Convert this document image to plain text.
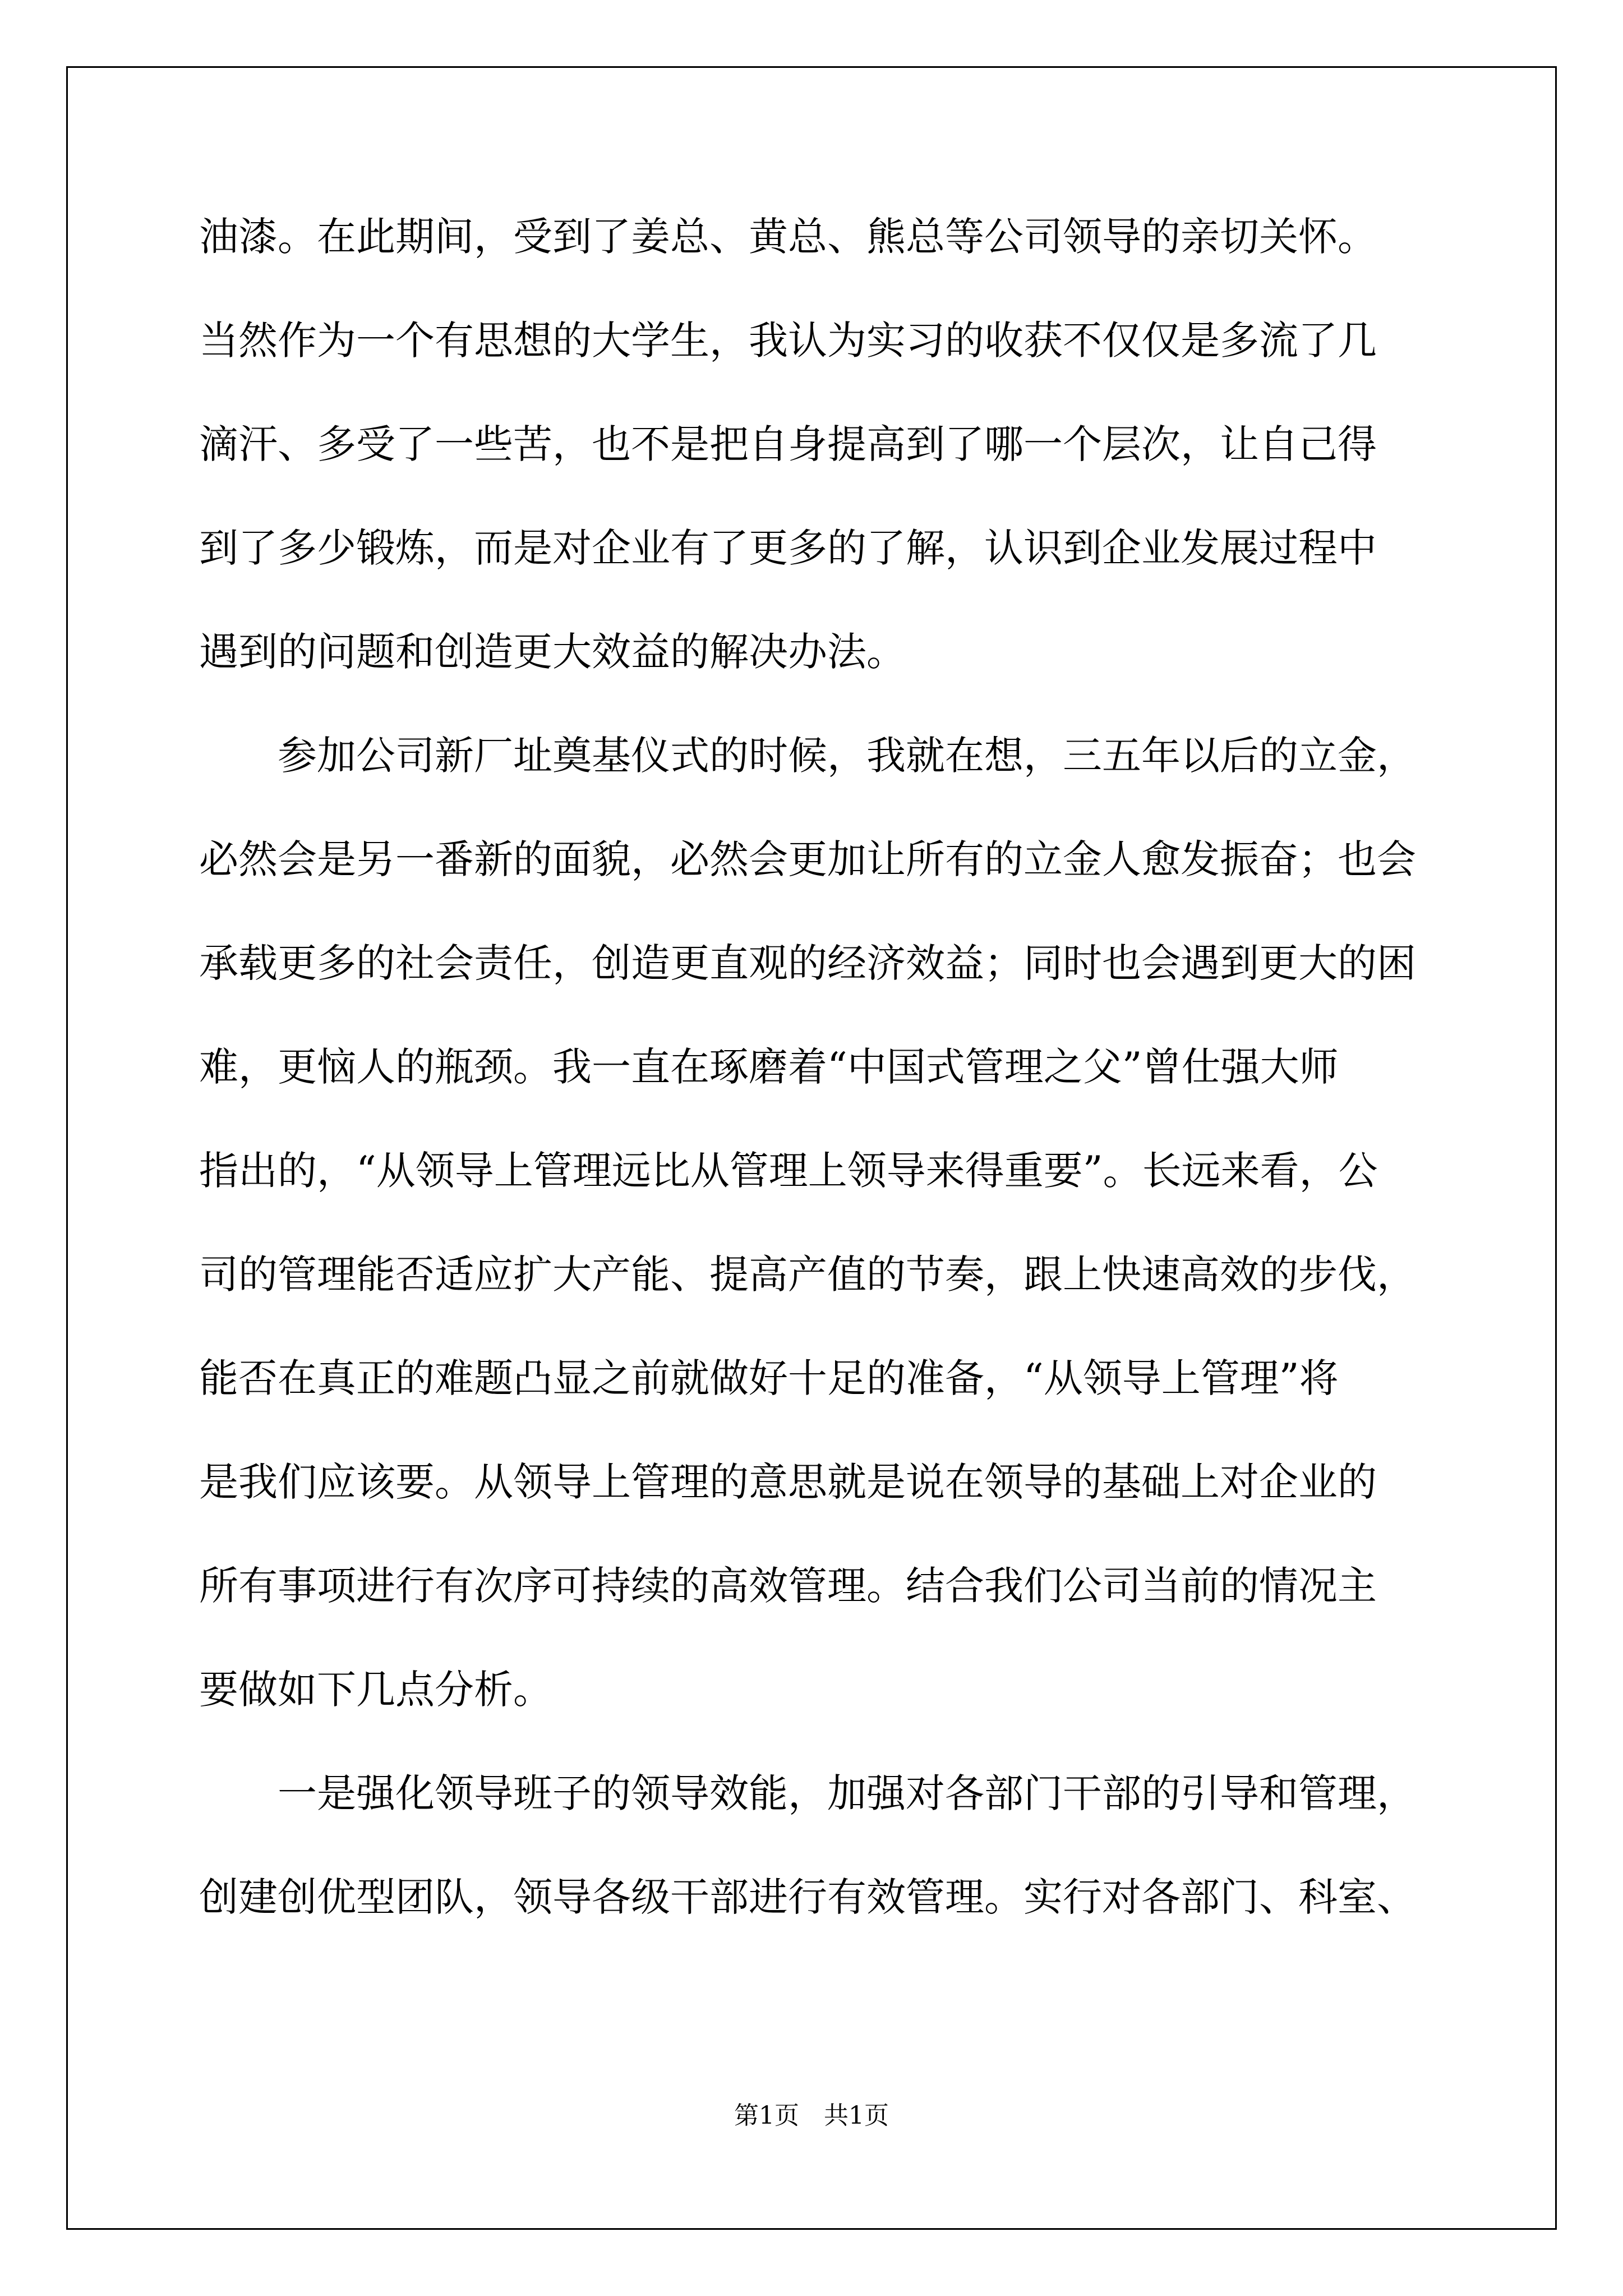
油漆。在此期间，受到了姜总、黄总、熊总等公司领导的亲切关怀。
当然作为一个有思想的大学生，我认为实习的收获不仅仅是多流了几
滴汗、多受了一些苦，也不是把自身提高到了哪一个层次，让自己得
到了多少锻炼，而是对企业有了更多的了解，认识到企业发展过程中
遇到的问题和创造更大效益的解决办法。
　　参加公司新厂址奠基仪式的时候，我就在想，三五年以后的立金，
必然会是另一番新的面貌，必然会更加让所有的立金人愈发振奋；也会
承载更多的社会责任，创造更直观的经济效益；同时也会遇到更大的困
难，更恼人的瓶颈。我一直在琢磨着“中国式管理之父”曾仕强大师
指出的，“从领导上管理远比从管理上领导来得重要”。长远来看，公
司的管理能否适应扩大产能、提高产值的节奏，跟上快速高效的步伐，
能否在真正的难题凸显之前就做好十足的准备，“从领导上管理”将
是我们应该要。从领导上管理的意思就是说在领导的基础上对企业的
所有事项进行有次序可持续的高效管理。结合我们公司当前的情况主
要做如下几点分析。
　　一是强化领导班子的领导效能，加强对各部门干部的引导和管理，
创建创优型团队，领导各级干部进行有效管理。实行对各部门、科室、
第1页　共1页
